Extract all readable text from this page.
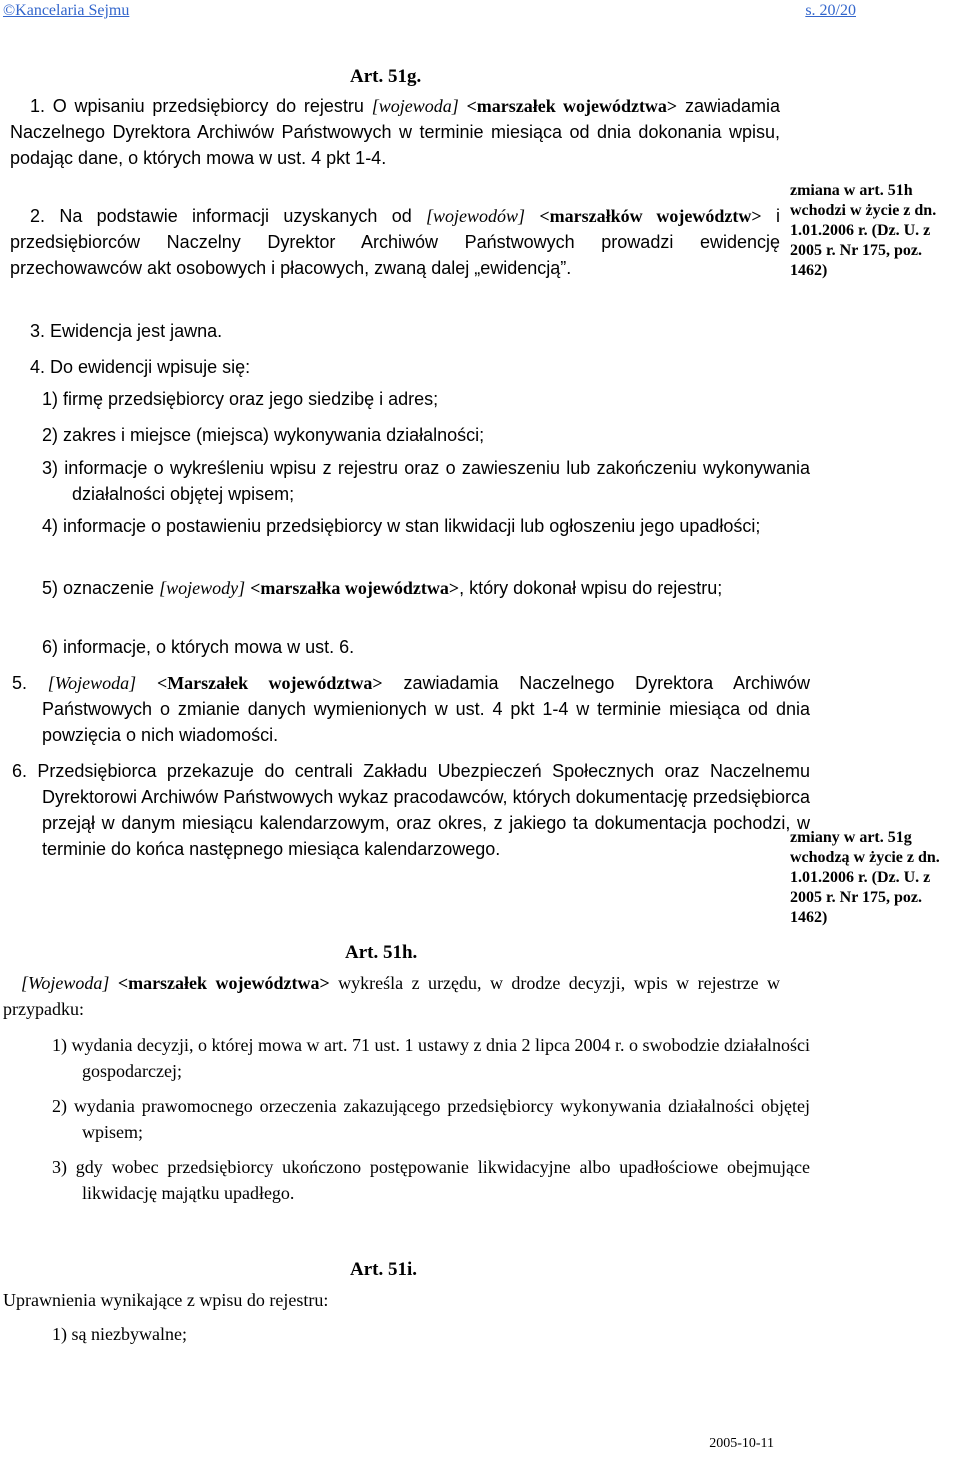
©Kancelaria Sejmu	s. 20/20
Art. 51g.
1. O wpisaniu przedsiębiorcy do rejestru [wojewoda] <marszałek województwa> zawiadamia Naczelnego Dyrektora Archiwów Państwowych w terminie miesiąca od dnia dokonania wpisu, podając dane, o których mowa w ust. 4 pkt 1-4.
2. Na podstawie informacji uzyskanych od [wojewodów] <marszałków województw> i przedsiębiorców Naczelny Dyrektor Archiwów Państwowych prowadzi ewidencję przechowawców akt osobowych i płacowych, zwaną dalej „ewidencją”.
3. Ewidencja jest jawna.
4. Do ewidencji wpisuje się:
1) firmę przedsiębiorcy oraz jego siedzibę i adres;
2) zakres i miejsce (miejsca) wykonywania działalności;
3) informacje o wykreśleniu wpisu z rejestru oraz o zawieszeniu lub zakończeniu wykonywania działalności objętej wpisem;
4) informacje o postawieniu przedsiębiorcy w stan likwidacji lub ogłoszeniu jego upadłości;
5) oznaczenie [wojewody] <marszałka województwa>, który dokonał wpisu do rejestru;
6) informacje, o których mowa w ust. 6.
5. [Wojewoda] <Marszałek województwa> zawiadamia Naczelnego Dyrektora Archiwów Państwowych o zmianie danych wymienionych w ust. 4 pkt 1-4 w terminie miesiąca od dnia powzięcia o nich wiadomości.
6. Przedsiębiorca przekazuje do centrali Zakładu Ubezpieczeń Społecznych oraz Naczelnemu Dyrektorowi Archiwów Państwowych wykaz pracodawców, których dokumentację przedsiębiorca przejął w danym miesiącu kalendarzowym, oraz okres, z jakiego ta dokumentacja pochodzi, w terminie do końca następnego miesiąca kalendarzowego.
Art. 51h.
[Wojewoda] <marszałek województwa> wykreśla z urzędu, w drodze decyzji, wpis w rejestrze w przypadku:
1) wydania decyzji, o której mowa w art. 71 ust. 1 ustawy z dnia 2 lipca 2004 r. o swobodzie działalności gospodarczej;
2) wydania prawomocnego orzeczenia zakazującego przedsiębiorcy wykonywania działalności objętej wpisem;
3) gdy wobec przedsiębiorcy ukończono postępowanie likwidacyjne albo upadłościowe obejmujące likwidację majątku upadłego.
Art. 51i.
Uprawnienia wynikające z wpisu do rejestru:
1) są niezbywalne;
zmiana w art. 51h wchodzi w życie z dn. 1.01.2006 r. (Dz. U. z 2005 r. Nr 175, poz. 1462)
zmiany w art. 51g wchodzą w życie z dn. 1.01.2006 r. (Dz. U. z 2005 r. Nr 175, poz. 1462)
2005-10-11
